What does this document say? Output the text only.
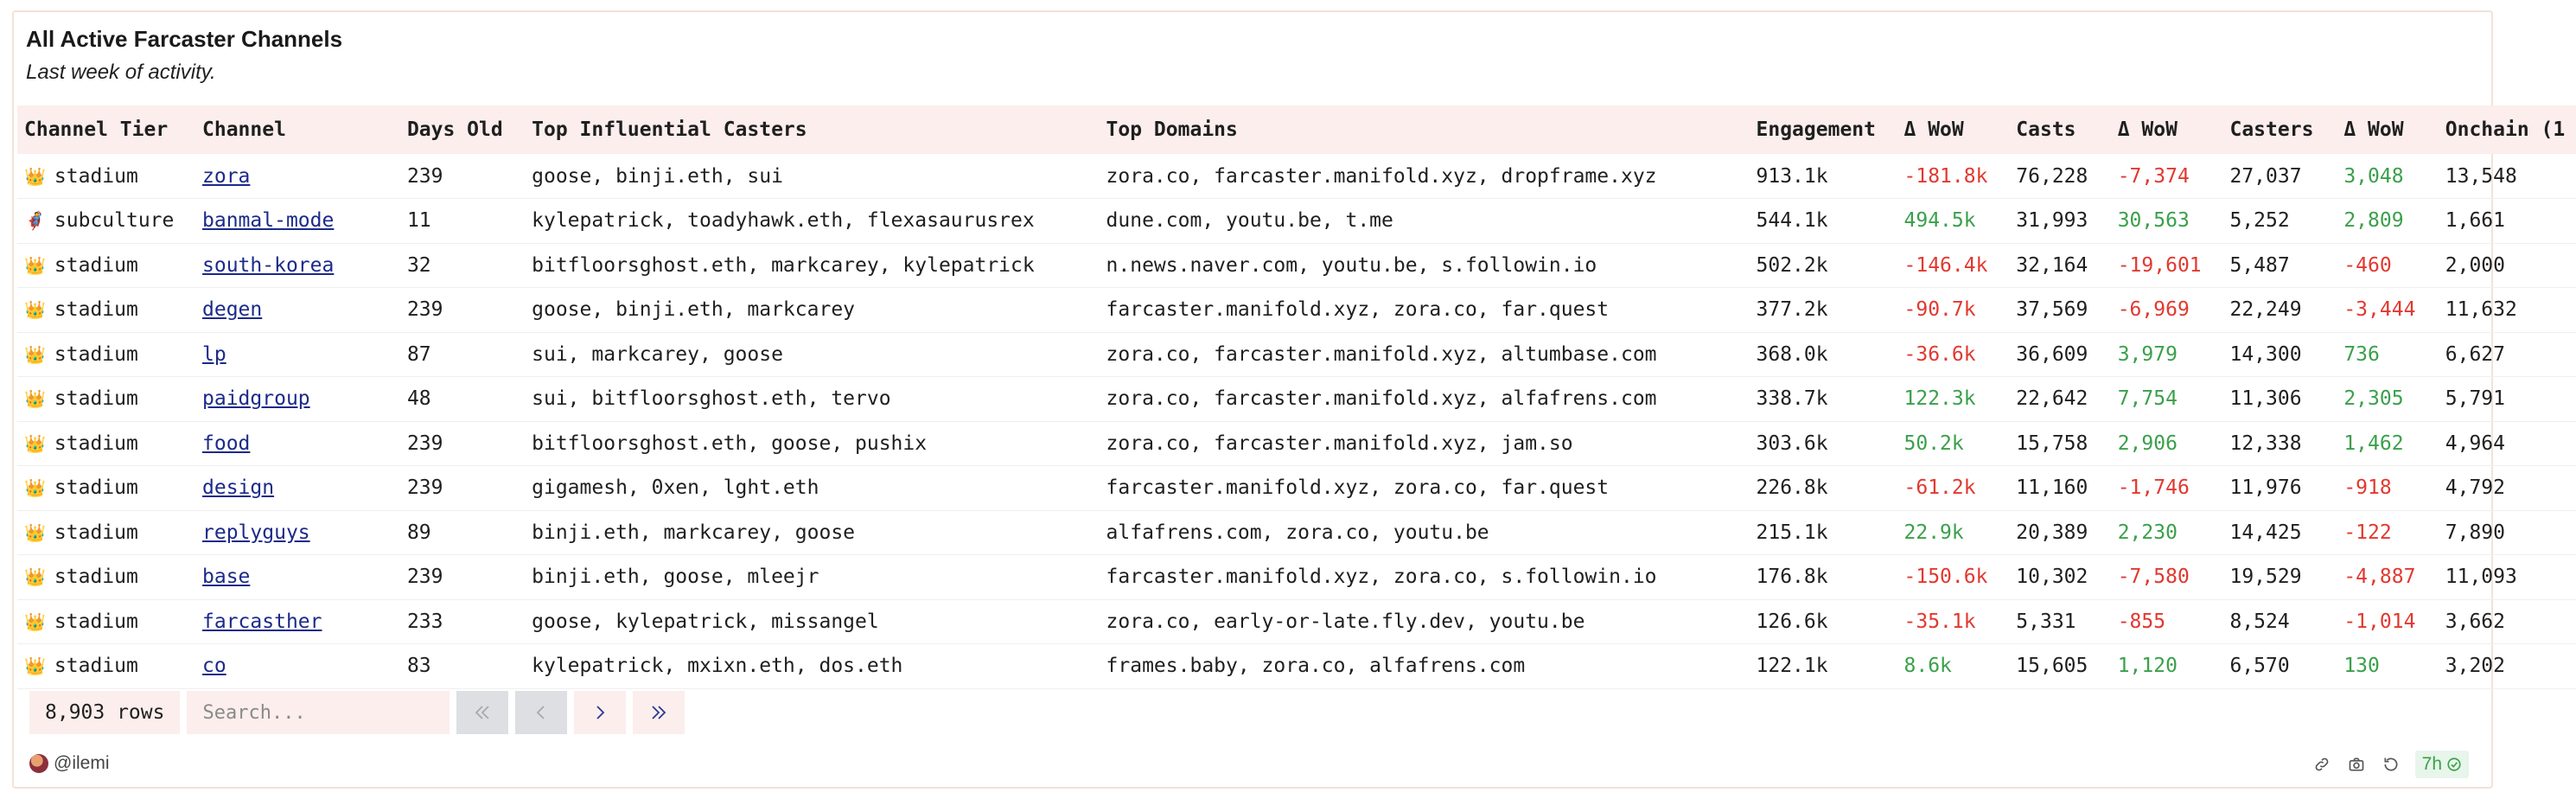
All Active Farcaster Channels
Last week of activity.
Channel Tier	Channel	Days Old	Top Influential Casters	Top Domains	Engagement	Δ WoW	Casts	Δ WoW	Casters	Δ WoW	Onchain (1
👑 stadium	zora	239	goose, binji.eth, sui	zora.co, farcaster.manifold.xyz, dropframe.xyz	913.1k	-181.8k	76,228	-7,374	27,037	3,048	13,548
🦸 subculture	banmal-mode	11	kylepatrick, toadyhawk.eth, flexasaurusrex	dune.com, youtu.be, t.me	544.1k	494.5k	31,993	30,563	5,252	2,809	1,661
👑 stadium	south-korea	32	bitfloorsghost.eth, markcarey, kylepatrick	n.news.naver.com, youtu.be, s.followin.io	502.2k	-146.4k	32,164	-19,601	5,487	-460	2,000
👑 stadium	degen	239	goose, binji.eth, markcarey	farcaster.manifold.xyz, zora.co, far.quest	377.2k	-90.7k	37,569	-6,969	22,249	-3,444	11,632
👑 stadium	lp	87	sui, markcarey, goose	zora.co, farcaster.manifold.xyz, altumbase.com	368.0k	-36.6k	36,609	3,979	14,300	736	6,627
👑 stadium	paidgroup	48	sui, bitfloorsghost.eth, tervo	zora.co, farcaster.manifold.xyz, alfafrens.com	338.7k	122.3k	22,642	7,754	11,306	2,305	5,791
👑 stadium	food	239	bitfloorsghost.eth, goose, pushix	zora.co, farcaster.manifold.xyz, jam.so	303.6k	50.2k	15,758	2,906	12,338	1,462	4,964
👑 stadium	design	239	gigamesh, 0xen, lght.eth	farcaster.manifold.xyz, zora.co, far.quest	226.8k	-61.2k	11,160	-1,746	11,976	-918	4,792
👑 stadium	replyguys	89	binji.eth, markcarey, goose	alfafrens.com, zora.co, youtu.be	215.1k	22.9k	20,389	2,230	14,425	-122	7,890
👑 stadium	base	239	binji.eth, goose, mleejr	farcaster.manifold.xyz, zora.co, s.followin.io	176.8k	-150.6k	10,302	-7,580	19,529	-4,887	11,093
👑 stadium	farcasther	233	goose, kylepatrick, missangel	zora.co, early-or-late.fly.dev, youtu.be	126.6k	-35.1k	5,331	-855	8,524	-1,014	3,662
👑 stadium	co	83	kylepatrick, mxixn.eth, dos.eth	frames.baby, zora.co, alfafrens.com	122.1k	8.6k	15,605	1,120	6,570	130	3,202
8,903 rows
Search...
@ilemi	7h
